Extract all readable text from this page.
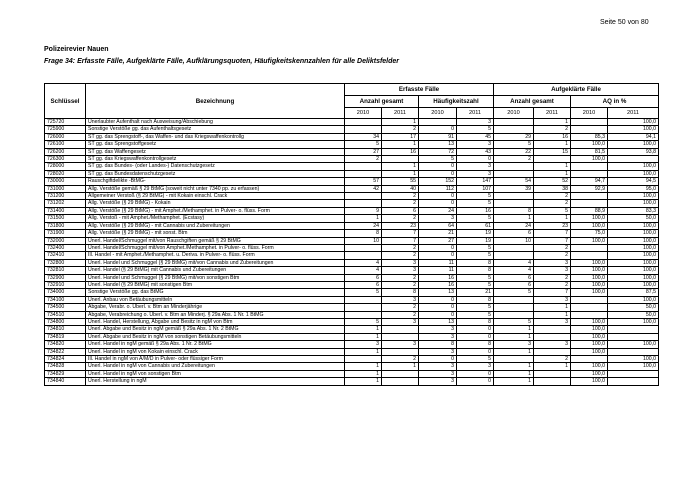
Seite 50 von 80
Polizeirevier Nauen
Frage 34: Erfasste Fälle, Aufgeklärte Fälle, Aufklärungsquoten, Häufigkeitskennzahlen für alle Deliktsfelder
Schlüssel	Bezeichnung	Erfasste Fälle				Aufgeklärte Fälle			
		Anzahl gesamt		Häufigkeitszahl		Anzahl gesamt		AQ in %	
		2010	2011	2010	2011	2010	2011	2010	2011
725720	Unerlaubter Aufenthalt nach Ausweisung/Abschiebung		1		3		1		100,0
725900	Sonstige Verstöße gg. das Aufenthaltsgesetz		2	0	5		2		100,0
726000	ST gg. das Sprengstoff-, das Waffen- und das Kriegswaffenkontrollg	34	17	91	45	29	16	85,3	94,1
726100	ST gg. das Sprengstoffgesetz	5	1	13	3	5	1	100,0	100,0
726200	ST gg. das Waffengesetz	27	16	72	43	22	15	81,5	93,8
726300	ST gg. das Kriegswaffenkontrollgesetz	2		5	0	2		100,0	
728000	ST gg. das Bundes- (oder Landes-) Datenschutzgesetz		1	0	3		1		100,0
728020	ST gg. das Bundesdatenschutzgesetz		1	0	3		1		100,0
730000	Rauschgiftdelikte -BtMG-	57	55	152	147	54	52	94,7	94,5
731000	Allg. Verstöße gemäß § 29 BtMG (soweit nicht unter 7340 pp. zu erfassen)	42	40	112	107	39	38	92,9	95,0
731200	Allgemeiner Verstoß (§ 29 BtMG) - mit Kokain einschl. Crack		2	0	5		2		100,0
731202	Allg. Verstöße (§ 29 BtMG) - Kokain		2	0	5		2		100,0
731400	Allg. Verstöße (§ 29 BtMG) - mit Amphet./Methamphet. in Pulver- o. flüss. Form	9	6	24	16	8	5	88,9	83,3
731500	Allg. Verstoß - mit Amphet./Methamphet. (Ecstasy)	1	2	3	5	1	1	100,0	50,0
731800	Allg. Verstöße (§ 29 BtMG) - mit Cannabis und Zubereitungen	24	23	64	61	24	23	100,0	100,0
731900	Allg. Verstöße (§ 29 BtMG) - mit sonst. Btm	8	7	21	19	6	7	75,0	100,0
732000	Unerl. Handel/Schmuggel mit/von Rauschgiften gemäß § 29 BtMG	10	7	27	19	10	7	100,0	100,0
732400	Unerl. Handel/Schmuggel mit/von Amphet./Methamphet. in Pulver- o. flüss. Form		2	0	5		2		100,0
732410	Ill. Handel - mit Amphet./Methamphet. u. Deriva. in Pulver- o. flüss. Form		2	0	5		2		100,0
732800	Unerl. Handel und Schmuggel (§ 29 BtMG) mit/von Cannabis und Zubereitungen	4	3	11	8	4	3	100,0	100,0
732810	Unerl. Handel (§ 29 BtMG) mit Cannabis und Zubereitungen	4	3	11	8	4	3	100,0	100,0
732900	Unerl. Handel und Schmuggel (§ 29 BtMG) mit/von sonstigen Btm	6	2	16	5	6	2	100,0	100,0
732910	Unerl. Handel (§ 29 BtMG) mit sonstigen Btm	6	2	16	5	6	2	100,0	100,0
734000	Sonstige Verstöße gg. das BtMG	5	8	13	21	5	7	100,0	87,5
734100	Unerl. Anbau von Betäubungsmitteln		3	0	8		3		100,0
734500	Abgabe, Verabr. o. Überl. v. Btm an Minderjährige		2	0	5		1		50,0
734510	Abgabe, Verabreichung o. Überl. v. Btm an Minderj. § 29a Abs. 1 Nr. 1 BtMG		2	0	5		1		50,0
734800	Unerl. Handel, Herstellung, Abgabe und Besitz in ngM von Btm	5	3	13	8	5	3	100,0	100,0
734810	Unerl. Abgabe und Besitz in ngM gemäß § 29a Abs. 1 Nr. 2 BtMG	1		3	0	1		100,0	
734819	Unerl. Abgabe und Besitz in ngM von sonstigen Betäubungsmitteln	1		3	0	1		100,0	
734820	Unerl. Handel in ngM gemäß § 29a Abs. 1 Nr. 2 BtMG	3	3	8	8	3	3	100,0	100,0
734822	Unerl. Handel in ngM von Kokain einschl. Crack	1		3	0	1		100,0	
734824	Ill. Handel in ngM von A/M/D in Pulver- oder flüssiger Form		2	0	5		2		100,0
734828	Unerl. Handel in ngM von Cannabis und Zubereitungen	1	1	3	3	1	1	100,0	100,0
734829	Unerl. Handel in ngM von sonstigen Btm	1		3	0	1		100,0	
734840	Unerl. Herstellung in ngM	1		3	0	1		100,0	
